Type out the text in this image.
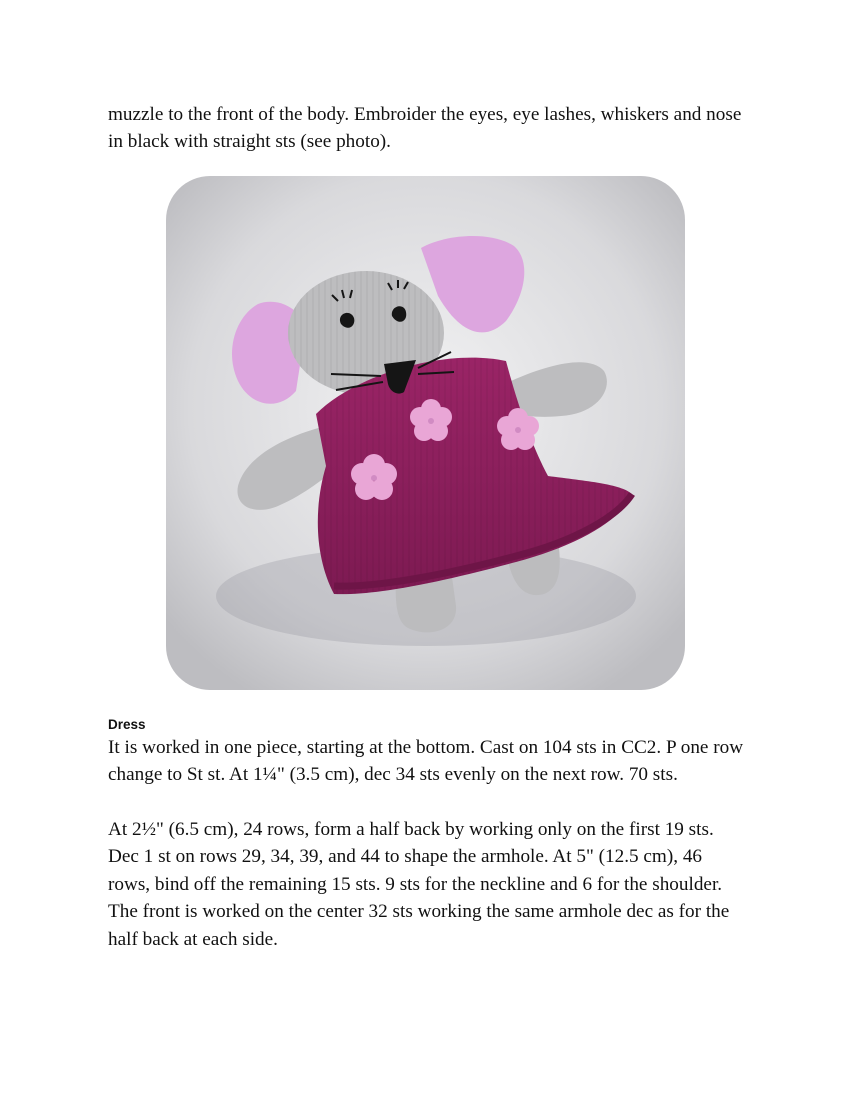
muzzle to the front of the body. Embroider the eyes, eye lashes, whiskers and nose in black with straight sts (see photo).

Dress

It is worked in one piece, starting at the bottom. Cast on 104 sts in CC2. P one row change to St st. At 1¼" (3.5 cm), dec 34 sts evenly on the next row. 70 sts.

At 2½" (6.5 cm), 24 rows, form a half back by working only on the first 19 sts. Dec 1 st on rows 29, 34, 39, and 44 to shape the armhole. At 5" (12.5 cm), 46 rows, bind off the remaining 15 sts. 9 sts for the neckline and 6 for the shoulder. The front is worked on the center 32 sts working the same armhole dec as for the half back at each side.
